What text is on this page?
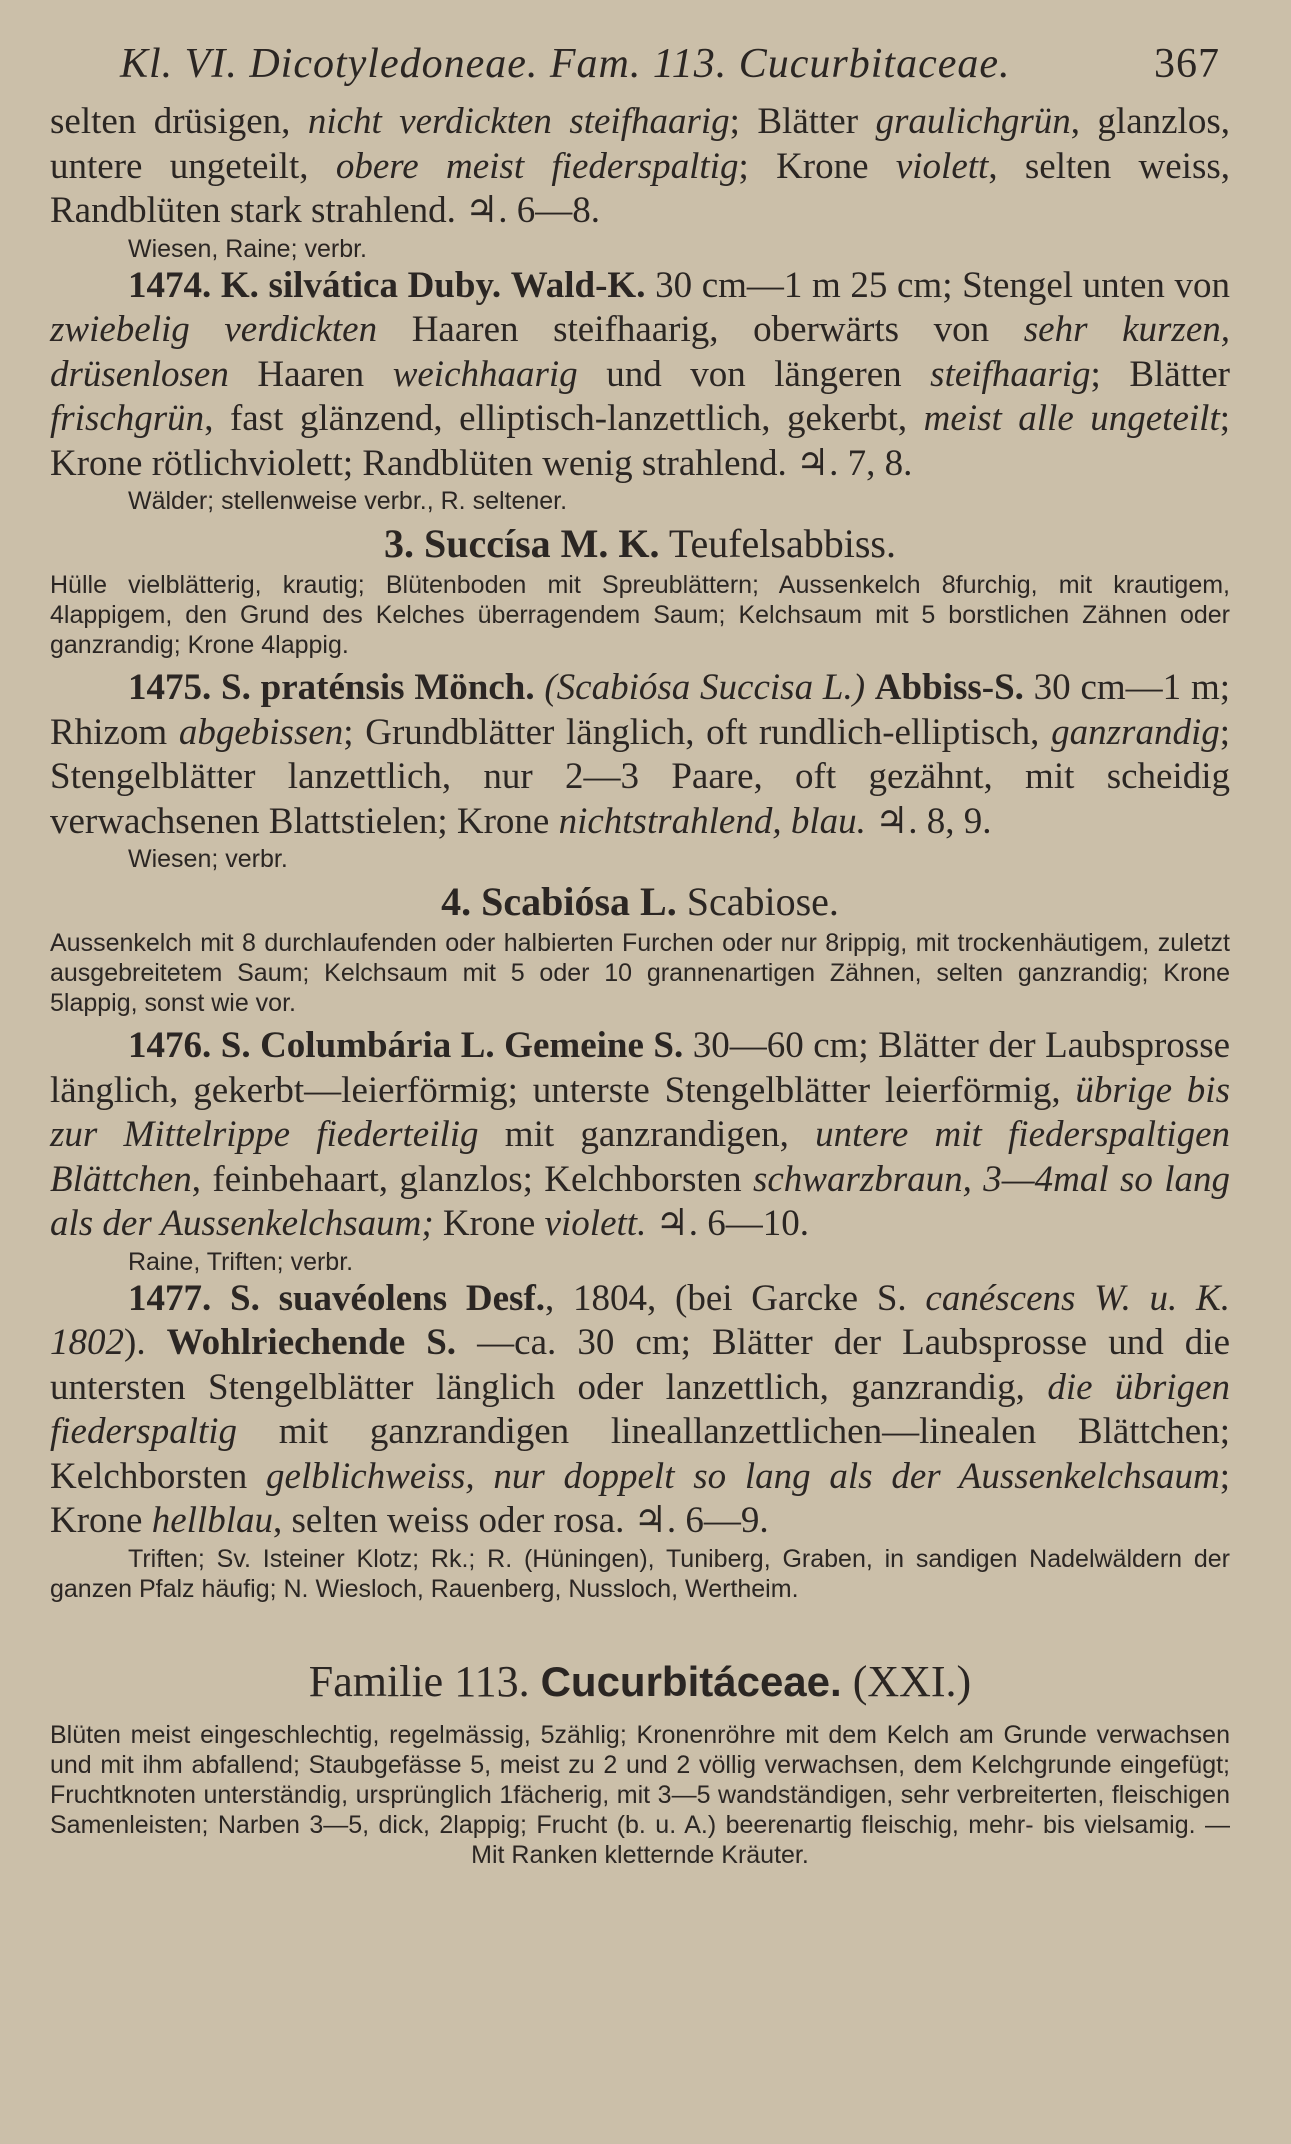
Kl. VI. Dicotyledoneae. Fam. 113. Cucurbitaceae.	367

selten drüsigen, nicht verdickten steifhaarig; Blätter graulichgrün, glanzlos, untere ungeteilt, obere meist fiederspaltig; Krone violett, selten weiss, Randblüten stark strahlend. ♃. 6—8.

Wiesen, Raine; verbr.

1474. K. silvática Duby. Wald-K. 30 cm—1 m 25 cm; Stengel unten von zwiebelig verdickten Haaren steifhaarig, oberwärts von sehr kurzen, drüsenlosen Haaren weichhaarig und von längeren steifhaarig; Blätter frischgrün, fast glänzend, elliptisch-lanzettlich, gekerbt, meist alle ungeteilt; Krone rötlichviolett; Randblüten wenig strahlend. ♃. 7, 8.

Wälder; stellenweise verbr., R. seltener.

3. Succísa M. K. Teufelsabbiss.

Hülle vielblätterig, krautig; Blütenboden mit Spreublättern; Aussenkelch 8furchig, mit krautigem, 4lappigem, den Grund des Kelches überragendem Saum; Kelchsaum mit 5 borstlichen Zähnen oder ganzrandig; Krone 4lappig.

1475. S. praténsis Mönch. (Scabiósa Succisa L.) Abbiss-S. 30 cm—1 m; Rhizom abgebissen; Grundblätter länglich, oft rundlich-elliptisch, ganzrandig; Stengelblätter lanzettlich, nur 2—3 Paare, oft gezähnt, mit scheidig verwachsenen Blattstielen; Krone nichtstrahlend, blau. ♃. 8, 9.

Wiesen; verbr.

4. Scabiósa L. Scabiose.

Aussenkelch mit 8 durchlaufenden oder halbierten Furchen oder nur 8rippig, mit trockenhäutigem, zuletzt ausgebreitetem Saum; Kelchsaum mit 5 oder 10 grannenartigen Zähnen, selten ganzrandig; Krone 5lappig, sonst wie vor.

1476. S. Columbária L. Gemeine S. 30—60 cm; Blätter der Laubsprosse länglich, gekerbt—leierförmig; unterste Stengelblätter leierförmig, übrige bis zur Mittelrippe fiederteilig mit ganzrandigen, untere mit fiederspaltigen Blättchen, feinbehaart, glanzlos; Kelchborsten schwarzbraun, 3—4mal so lang als der Aussenkelchsaum; Krone violett. ♃. 6—10.

Raine, Triften; verbr.

1477. S. suavéolens Desf., 1804, (bei Garcke S. canéscens W. u. K. 1802). Wohlriechende S. —ca. 30 cm; Blätter der Laubsprosse und die untersten Stengelblätter länglich oder lanzettlich, ganzrandig, die übrigen fiederspaltig mit ganzrandigen lineallanzettlichen—linealen Blättchen; Kelchborsten gelblichweiss, nur doppelt so lang als der Aussenkelchsaum; Krone hellblau, selten weiss oder rosa. ♃. 6—9.

Triften; Sv. Isteiner Klotz; Rk.; R. (Hüningen), Tuniberg, Graben, in sandigen Nadelwäldern der ganzen Pfalz häufig; N. Wiesloch, Rauenberg, Nussloch, Wertheim.

Familie 113. Cucurbitáceae. (XXI.)

Blüten meist eingeschlechtig, regelmässig, 5zählig; Kronenröhre mit dem Kelch am Grunde verwachsen und mit ihm abfallend; Staubgefässe 5, meist zu 2 und 2 völlig verwachsen, dem Kelchgrunde eingefügt; Fruchtknoten unterständig, ursprünglich 1fächerig, mit 3—5 wandständigen, sehr verbreiterten, fleischigen Samenleisten; Narben 3—5, dick, 2lappig; Frucht (b. u. A.) beerenartig fleischig, mehr- bis vielsamig. — Mit Ranken kletternde Kräuter.
